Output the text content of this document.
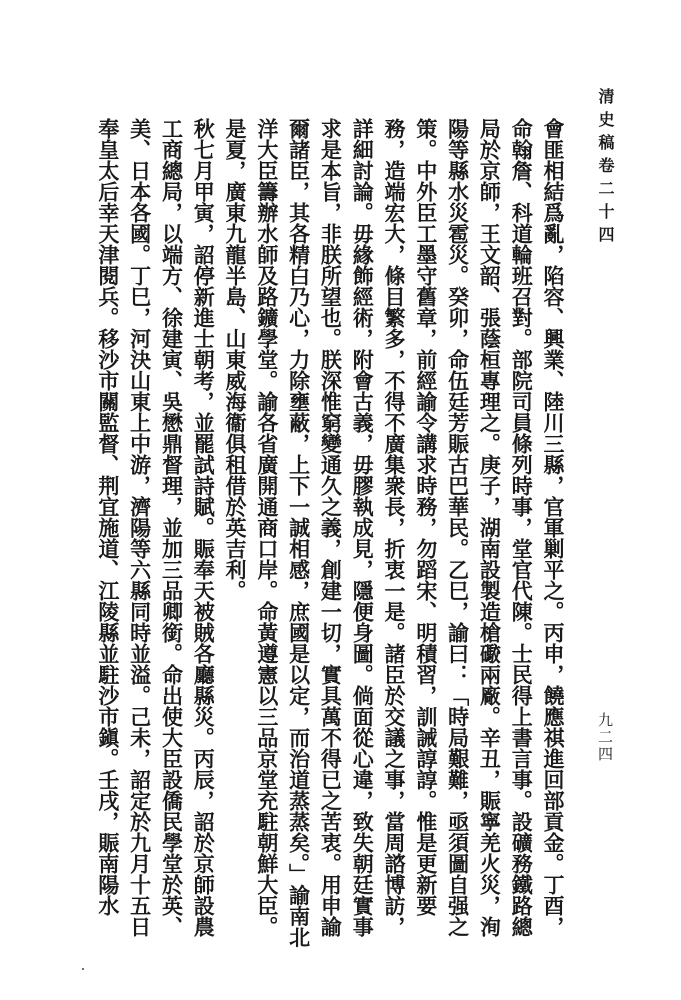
清史稿卷二十四
九二四

會匪相結爲亂，陷容、興業、陸川三縣，官軍剿平之。丙申，饒應祺進回部貢金。丁酉，命翰詹、科道輪班召對。部院司員條列時事，堂官代陳。士民得上書言事。設礦務鐵路總局於京師，王文韶、張蔭桓專理之。庚子，湖南設製造槍礮兩廠。辛丑，賑寧羌火災，洵陽等縣水災雹災。癸卯，命伍廷芳賑古巴華民。乙巳，諭曰：「時局艱難，亟須圖自强之策。中外臣工墨守舊章，前經諭令講求時務，勿蹈宋、明積習，訓誡諄諄。惟是更新要務，造端宏大，條目繁多，不得不廣集衆長，折衷一是。諸臣於交議之事，當周諮博訪，詳細討論。毋緣飾經術，附會古義，毋膠執成見，隱便身圖。倘面從心違，致失朝廷實事求是本旨，非朕所望也。朕深惟窮變通久之義，創建一切，實具萬不得已之苦衷。用申諭爾諸臣，其各精白乃心，力除壅蔽，上下一誠相感，庶國是以定，而治道蒸蒸矣。」諭南北洋大臣籌辦水師及路鑛學堂。諭各省廣開通商口岸。命黃遵憲以三品京堂充駐朝鮮大臣。

是夏，廣東九龍半島、山東威海衞俱租借於英吉利。

秋七月甲寅，詔停新進士朝考，並罷試詩賦。賑奉天被賊各廳縣災。丙辰，詔於京師設農工商總局，以端方、徐建寅、吳懋鼎督理，並加三品卿銜。命出使大臣設僑民學堂於英、美、日本各國。丁巳，河決山東上中游，濟陽等六縣同時並溢。己未，詔定於九月十五日奉皇太后幸天津閱兵。移沙市關監督、荆宜施道、江陵縣並駐沙市鎭。壬戌，賑南陽水
